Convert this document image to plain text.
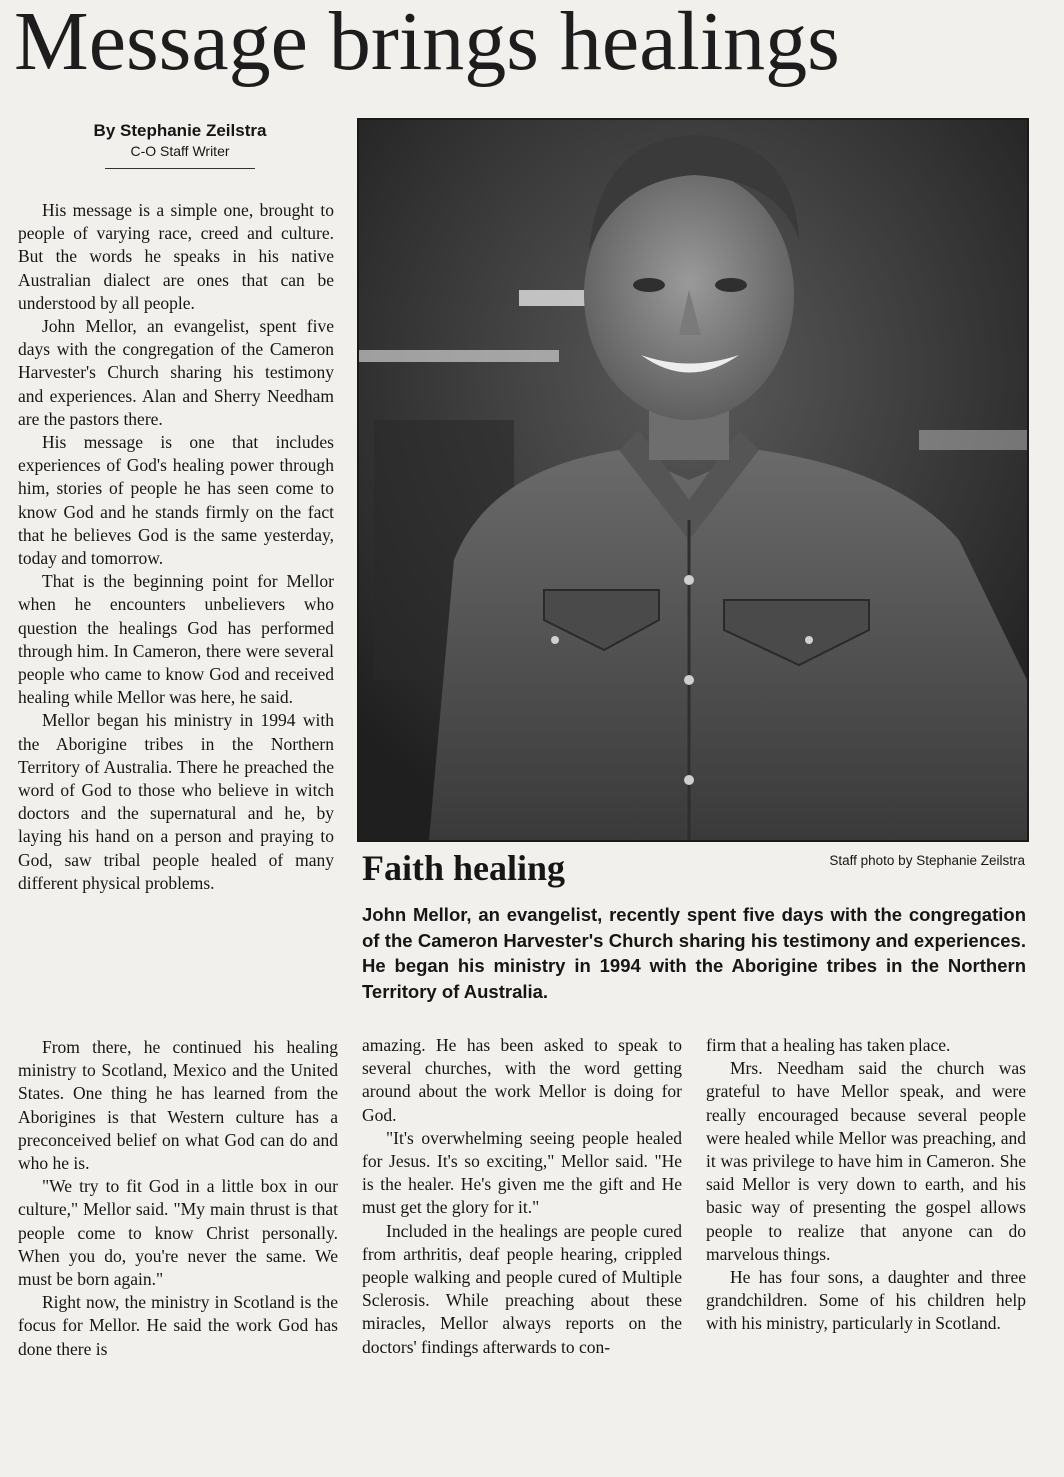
Message brings healings
By Stephanie Zeilstra
C-O Staff Writer

His message is a simple one, brought to people of varying race, creed and culture. But the words he speaks in his native Australian dialect are ones that can be understood by all people.

John Mellor, an evangelist, spent five days with the congregation of the Cameron Harvester's Church sharing his testimony and experiences. Alan and Sherry Needham are the pastors there.

His message is one that includes experiences of God's healing power through him, stories of people he has seen come to know God and he stands firmly on the fact that he believes God is the same yesterday, today and tomorrow.

That is the beginning point for Mellor when he encounters unbelievers who question the healings God has performed through him. In Cameron, there were several people who came to know God and received healing while Mellor was here, he said.

Mellor began his ministry in 1994 with the Aborigine tribes in the Northern Territory of Australia. There he preached the word of God to those who believe in witch doctors and the supernatural and he, by laying his hand on a person and praying to God, saw tribal people healed of many different physical problems.

From there, he continued his healing ministry to Scotland, Mexico and the United States. One thing he has learned from the Aborigines is that Western culture has a preconceived belief on what God can do and who he is.

"We try to fit God in a little box in our culture," Mellor said. "My main thrust is that people come to know Christ personally. When you do, you're never the same. We must be born again."

Right now, the ministry in Scotland is the focus for Mellor. He said the work God has done there is

Faith healing	Staff photo by Stephanie Zeilstra
John Mellor, an evangelist, recently spent five days with the congregation of the Cameron Harvester's Church sharing his testimony and experiences. He began his ministry in 1994 with the Aborigine tribes in the Northern Territory of Australia.

amazing. He has been asked to speak to several churches, with the word getting around about the work Mellor is doing for God.

"It's overwhelming seeing people healed for Jesus. It's so exciting," Mellor said. "He is the healer. He's given me the gift and He must get the glory for it."

Included in the healings are people cured from arthritis, deaf people hearing, crippled people walking and people cured of Multiple Sclerosis. While preaching about these miracles, Mellor always reports on the doctors' findings afterwards to con-

firm that a healing has taken place.

Mrs. Needham said the church was grateful to have Mellor speak, and were really encouraged because several people were healed while Mellor was preaching, and it was privilege to have him in Cameron. She said Mellor is very down to earth, and his basic way of presenting the gospel allows people to realize that anyone can do marvelous things.

He has four sons, a daughter and three grandchildren. Some of his children help with his ministry, particularly in Scotland.
